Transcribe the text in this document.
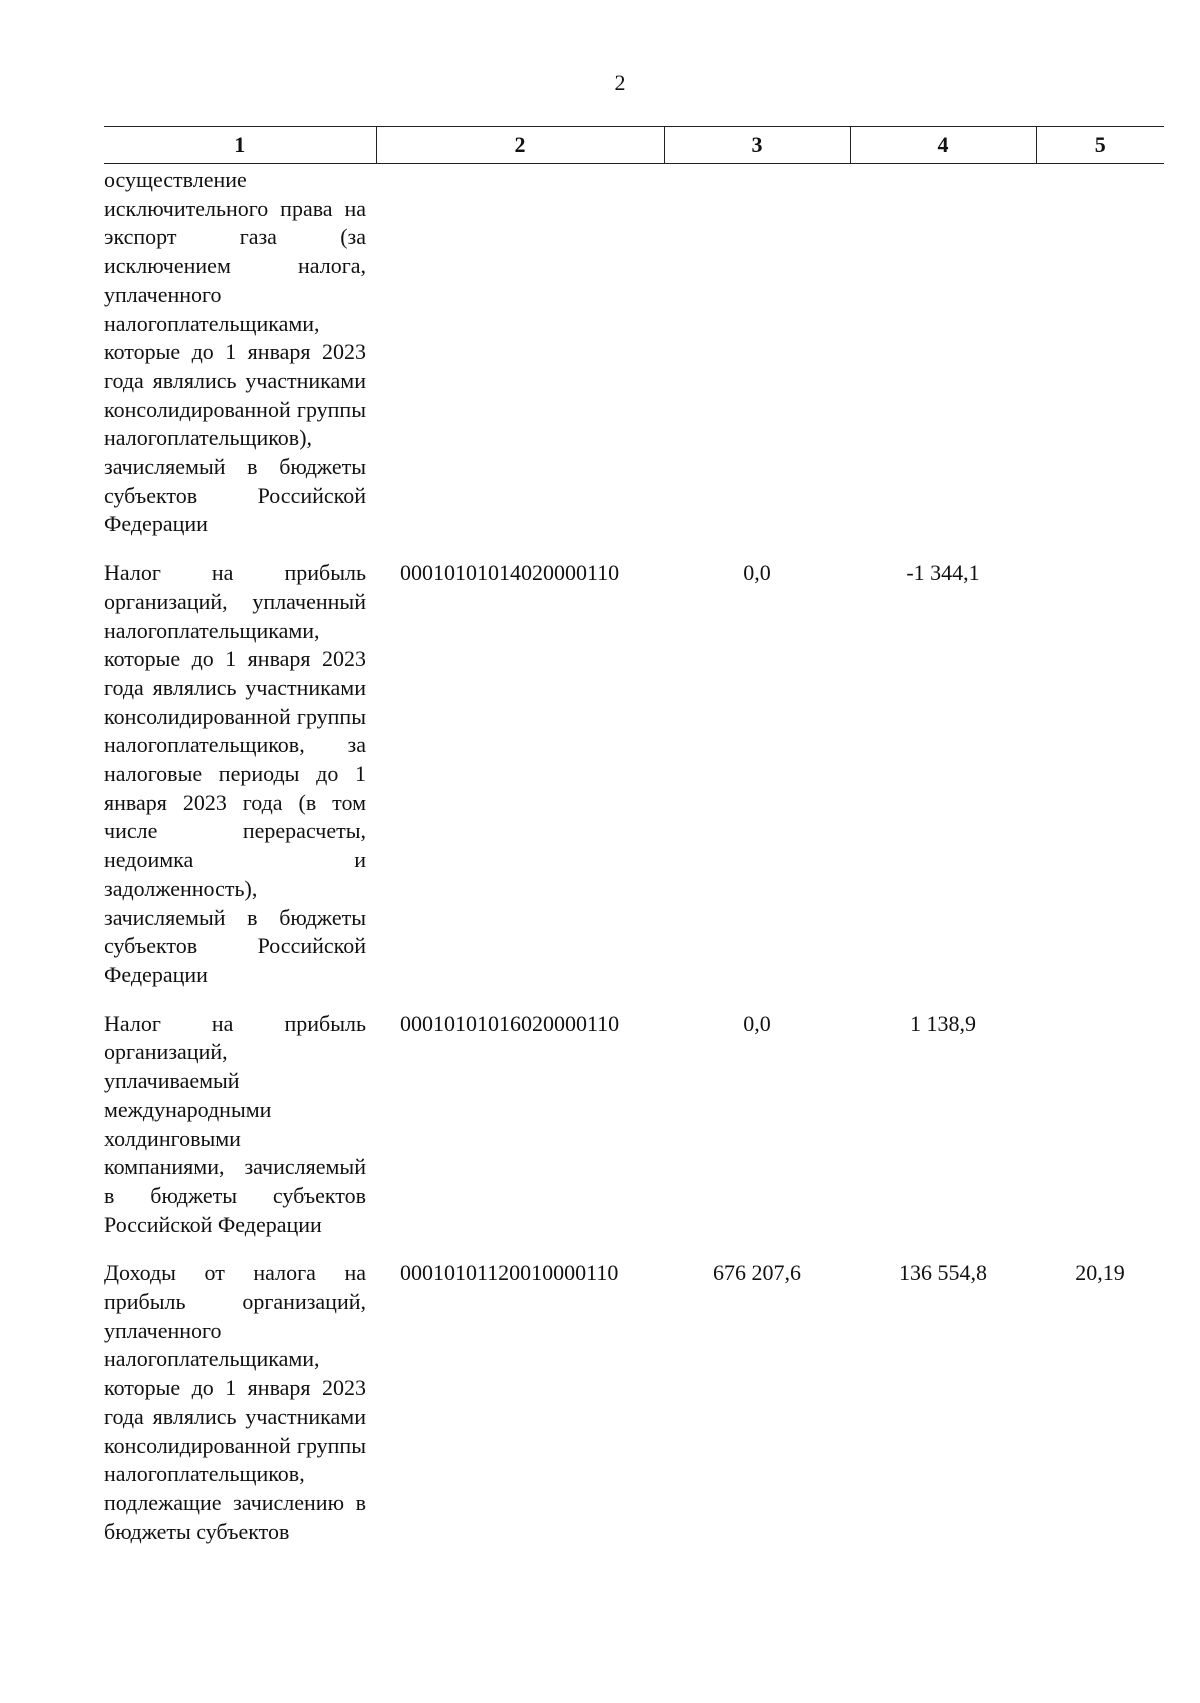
2
1	2	3	4	5
осуществление исключительного права на экспорт газа (за исключением налога, уплаченного налогоплательщиками, которые до 1 января 2023 года являлись участниками консолидированной группы налогоплательщиков), зачисляемый в бюджеты субъектов Российской Федерации				
Налог на прибыль организаций, уплаченный налогоплательщиками, которые до 1 января 2023 года являлись участниками консолидированной группы налогоплательщиков, за налоговые периоды до 1 января 2023 года (в том числе перерасчеты, недоимка и задолженность), зачисляемый в бюджеты субъектов Российской Федерации	00010101014020000110	0,0	-1 344,1	
Налог на прибыль организаций, уплачиваемый международными холдинговыми компаниями, зачисляемый в бюджеты субъектов Российской Федерации	00010101016020000110	0,0	1 138,9	
Доходы от налога на прибыль организаций, уплаченного налогоплательщиками, которые до 1 января 2023 года являлись участниками консолидированной группы налогоплательщиков, подлежащие зачислению в бюджеты субъектов	00010101120010000110	676 207,6	136 554,8	20,19
